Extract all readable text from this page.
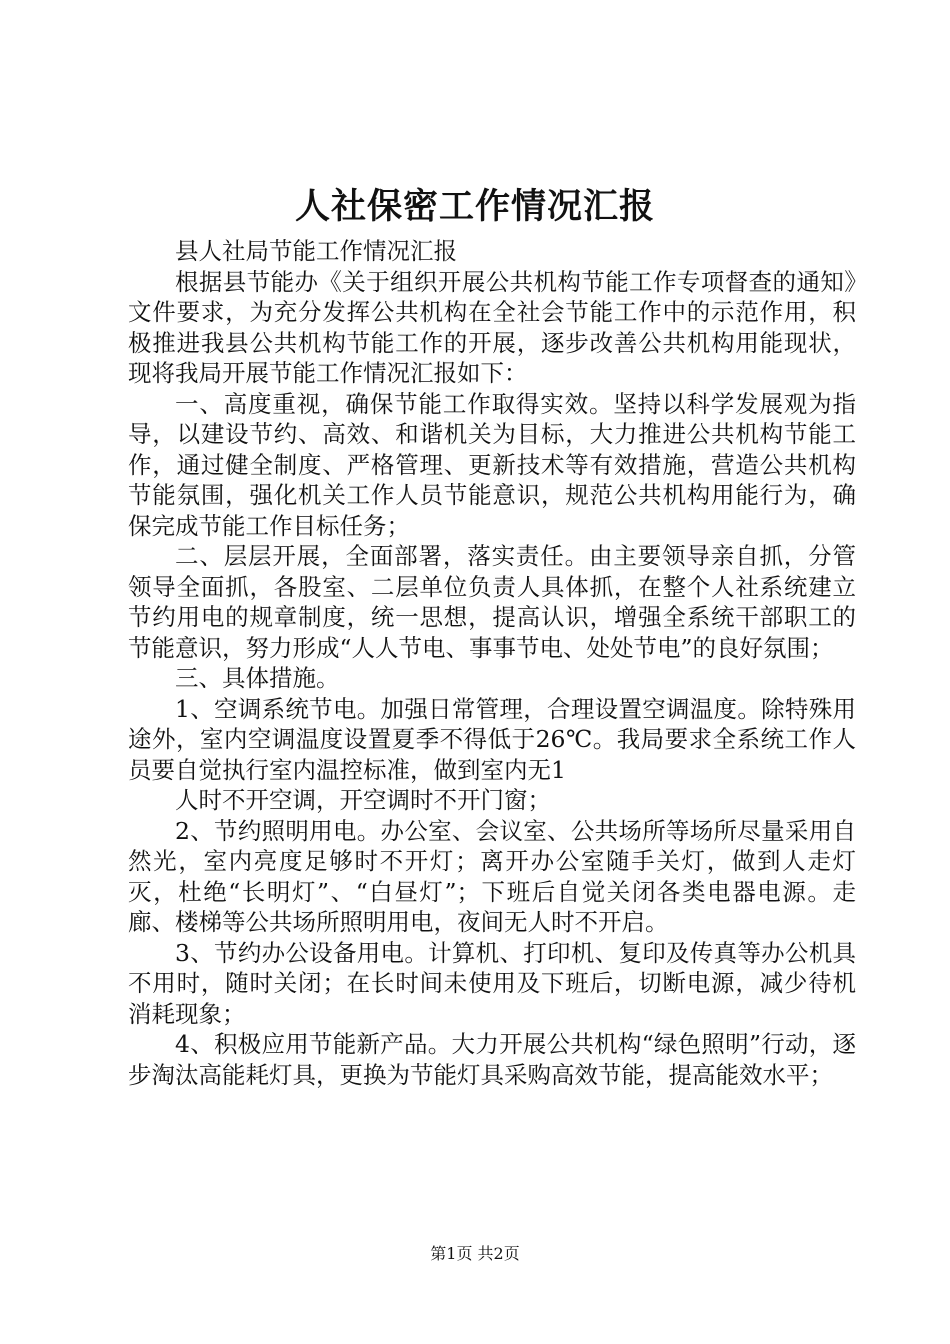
人社保密工作情况汇报

县人社局节能工作情况汇报

根据县节能办《关于组织开展公共机构节能工作专项督查的通知》文件要求，为充分发挥公共机构在全社会节能工作中的示范作用，积极推进我县公共机构节能工作的开展，逐步改善公共机构用能现状，现将我局开展节能工作情况汇报如下：

一、高度重视，确保节能工作取得实效。坚持以科学发展观为指导，以建设节约、高效、和谐机关为目标，大力推进公共机构节能工作，通过健全制度、严格管理、更新技术等有效措施，营造公共机构节能氛围，强化机关工作人员节能意识，规范公共机构用能行为，确保完成节能工作目标任务；

二、层层开展，全面部署，落实责任。由主要领导亲自抓，分管领导全面抓，各股室、二层单位负责人具体抓，在整个人社系统建立节约用电的规章制度，统一思想，提高认识，增强全系统干部职工的节能意识，努力形成“人人节电、事事节电、处处节电”的良好氛围；

三、具体措施。

1、空调系统节电。加强日常管理，合理设置空调温度。除特殊用途外，室内空调温度设置夏季不得低于26℃。我局要求全系统工作人员要自觉执行室内温控标准，做到室内无1

人时不开空调，开空调时不开门窗；

2、节约照明用电。办公室、会议室、公共场所等场所尽量采用自然光，室内亮度足够时不开灯；离开办公室随手关灯，做到人走灯灭，杜绝“长明灯”、“白昼灯”；下班后自觉关闭各类电器电源。走廊、楼梯等公共场所照明用电，夜间无人时不开启。

3、节约办公设备用电。计算机、打印机、复印及传真等办公机具不用时，随时关闭；在长时间未使用及下班后，切断电源，减少待机消耗现象；

4、积极应用节能新产品。大力开展公共机构“绿色照明”行动，逐步淘汰高能耗灯具，更换为节能灯具采购高效节能，提高能效水平；

第1页 共2页
